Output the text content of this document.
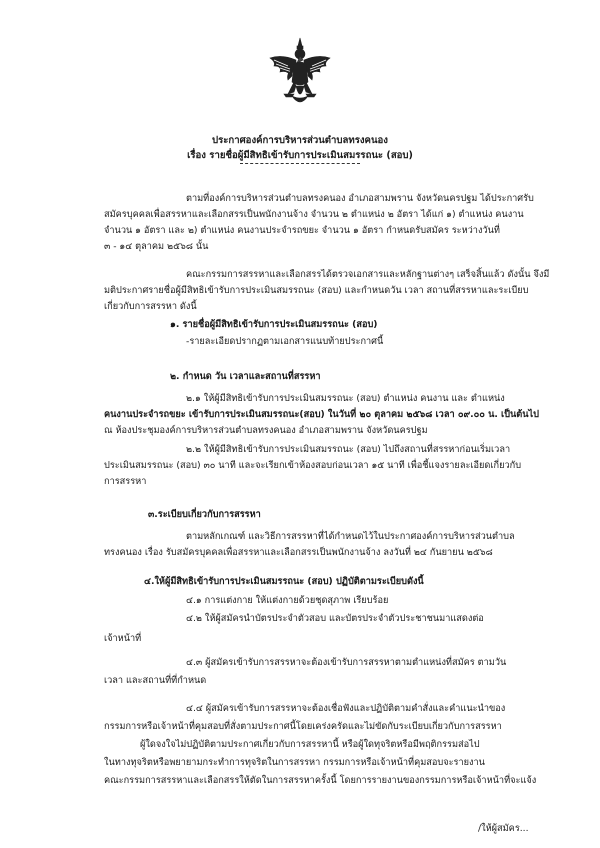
ประกาศองค์การบริหารส่วนตำบลทรงคนอง
เรื่อง รายชื่อผู้มีสิทธิเข้ารับการประเมินสมรรถนะ (สอบ)
ตามที่องค์การบริหารส่วนตำบลทรงคนอง อำเภอสามพราน จังหวัดนครปฐม ได้ประกาศรับ
สมัครบุคคลเพื่อสรรหาและเลือกสรรเป็นพนักงานจ้าง จำนวน ๒ ตำแหน่ง ๒ อัตรา ได้แก่ ๑) ตำแหน่ง คนงาน
จำนวน ๑ อัตรา และ ๒) ตำแหน่ง คนงานประจำรถขยะ จำนวน ๑ อัตรา กำหนดรับสมัคร ระหว่างวันที่
๓ - ๑๔ ตุลาคม ๒๕๖๘ นั้น
คณะกรรมการสรรหาและเลือกสรรได้ตรวจเอกสารและหลักฐานต่างๆ เสร็จสิ้นแล้ว ดังนั้น จึงมี
มติประกาศรายชื่อผู้มีสิทธิเข้ารับการประเมินสมรรถนะ (สอบ) และกำหนดวัน เวลา สถานที่สรรหาและระเบียบ
เกี่ยวกับการสรรหา ดังนี้
๑. รายชื่อผู้มีสิทธิเข้ารับการประเมินสมรรถนะ (สอบ)
-รายละเอียดปรากฏตามเอกสารแนบท้ายประกาศนี้
๒. กำหนด วัน เวลาและสถานที่สรรหา
๒.๑ ให้ผู้มีสิทธิเข้ารับการประเมินสมรรถนะ (สอบ) ตำแหน่ง คนงาน และ ตำแหน่ง
คนงานประจำรถขยะ เข้ารับการประเมินสมรรถนะ(สอบ) ในวันที่ ๒๐ ตุลาคม ๒๕๖๘ เวลา ๐๙.๐๐ น. เป็นต้นไป
ณ ห้องประชุมองค์การบริหารส่วนตำบลทรงคนอง อำเภอสามพราน จังหวัดนครปฐม
๒.๒ ให้ผู้มีสิทธิเข้ารับการประเมินสมรรถนะ (สอบ) ไปถึงสถานที่สรรหาก่อนเริ่มเวลา
ประเมินสมรรถนะ (สอบ) ๓๐ นาที และจะเรียกเข้าห้องสอบก่อนเวลา ๑๕ นาที เพื่อชี้แจงรายละเอียดเกี่ยวกับ
การสรรหา
๓.ระเบียบเกี่ยวกับการสรรหา
ตามหลักเกณฑ์ และวิธีการสรรหาที่ได้กำหนดไว้ในประกาศองค์การบริหารส่วนตำบล
ทรงคนอง เรื่อง รับสมัครบุคคลเพื่อสรรหาและเลือกสรรเป็นพนักงานจ้าง ลงวันที่ ๒๔ กันยายน ๒๕๖๘
๔.ให้ผู้มีสิทธิเข้ารับการประเมินสมรรถนะ (สอบ) ปฏิบัติตามระเบียบดังนี้
๔.๑ การแต่งกาย ให้แต่งกายด้วยชุดสุภาพ เรียบร้อย
๔.๒ ให้ผู้สมัครนำบัตรประจำตัวสอบ และบัตรประจำตัวประชาชนมาแสดงต่อ
เจ้าหน้าที่
๔.๓ ผู้สมัครเข้ารับการสรรหาจะต้องเข้ารับการสรรหาตามตำแหน่งที่สมัคร ตามวัน
เวลา และสถานที่ที่กำหนด
๔.๔ ผู้สมัครเข้ารับการสรรหาจะต้องเชื่อฟังและปฏิบัติตามคำสั่งและคำแนะนำของ
กรรมการหรือเจ้าหน้าที่คุมสอบที่สั่งตามประกาศนี้โดยเคร่งครัดและไม่ขัดกับระเบียบเกี่ยวกับการสรรหา
ผู้ใดจงใจไม่ปฏิบัติตามประกาศเกี่ยวกับการสรรหานี้ หรือผู้ใดทุจริตหรือมีพฤติกรรมส่อไป
ในทางทุจริตหรือพยายามกระทำการทุจริตในการสรรหา กรรมการหรือเจ้าหน้าที่คุมสอบจะรายงาน
คณะกรรมการสรรหาและเลือกสรรให้ตัดในการสรรหาครั้งนี้ โดยการรายงานของกรรมการหรือเจ้าหน้าที่จะแจ้ง
/ให้ผู้สมัคร...
